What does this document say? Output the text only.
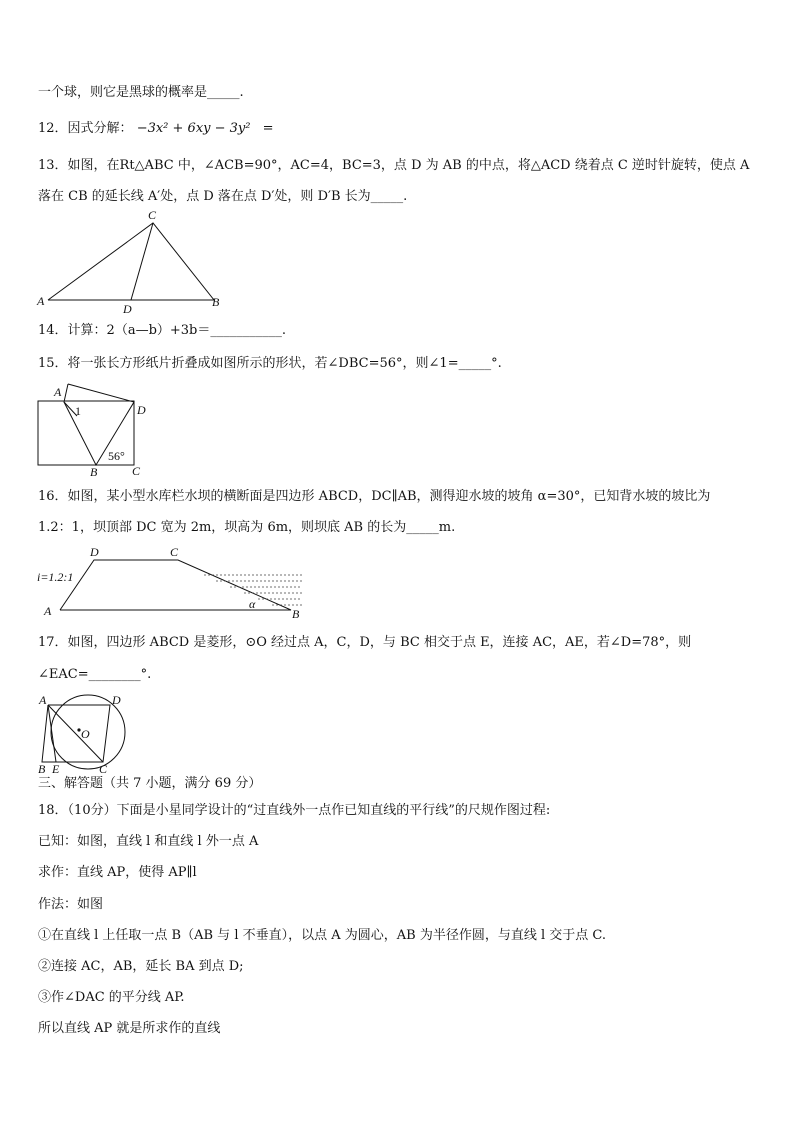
一个球，则它是黑球的概率是_____.
12．因式分解： −3x² + 6xy − 3y² =
13．如图，在Rt△ABC 中，∠ACB=90°，AC=4，BC=3，点 D 为 AB 的中点，将△ACD 绕着点 C 逆时针旋转，使点 A
落在 CB 的延长线 A′处，点 D 落在点 D′处，则 D′B 长为_____.
C
A
D	B
14．计算：2（a—b）+3b＝___________.
15．将一张长方形纸片折叠成如图所示的形状，若∠DBC=56°，则∠1=_____°.
A
1	D
56°
B	C
16．如图，某小型水库栏水坝的横断面是四边形 ABCD，DC∥AB，测得迎水坡的坡角 α=30°，已知背水坡的坡比为
1.2：1，坝顶部 DC 宽为 2m，坝高为 6m，则坝底 AB 的长为_____m.
D	C
i=1.2:1
A	α
B
17．如图，四边形 ABCD 是菱形，⊙O 经过点 A，C，D，与 BC 相交于点 E，连接 AC，AE，若∠D=78°，则
∠EAC=________°.
A	D
O
B E	C
三、解答题（共 7 小题，满分 69 分）
18．（10分）下面是小星同学设计的“过直线外一点作已知直线的平行线”的尺规作图过程:
已知：如图，直线 l 和直线 l 外一点 A
求作：直线 AP，使得 AP∥l
作法：如图
①在直线 l 上任取一点 B（AB 与 l 不垂直），以点 A 为圆心，AB 为半径作圆，与直线 l 交于点 C.
②连接 AC，AB，延长 BA 到点 D;
③作∠DAC 的平分线 AP.
所以直线 AP 就是所求作的直线
